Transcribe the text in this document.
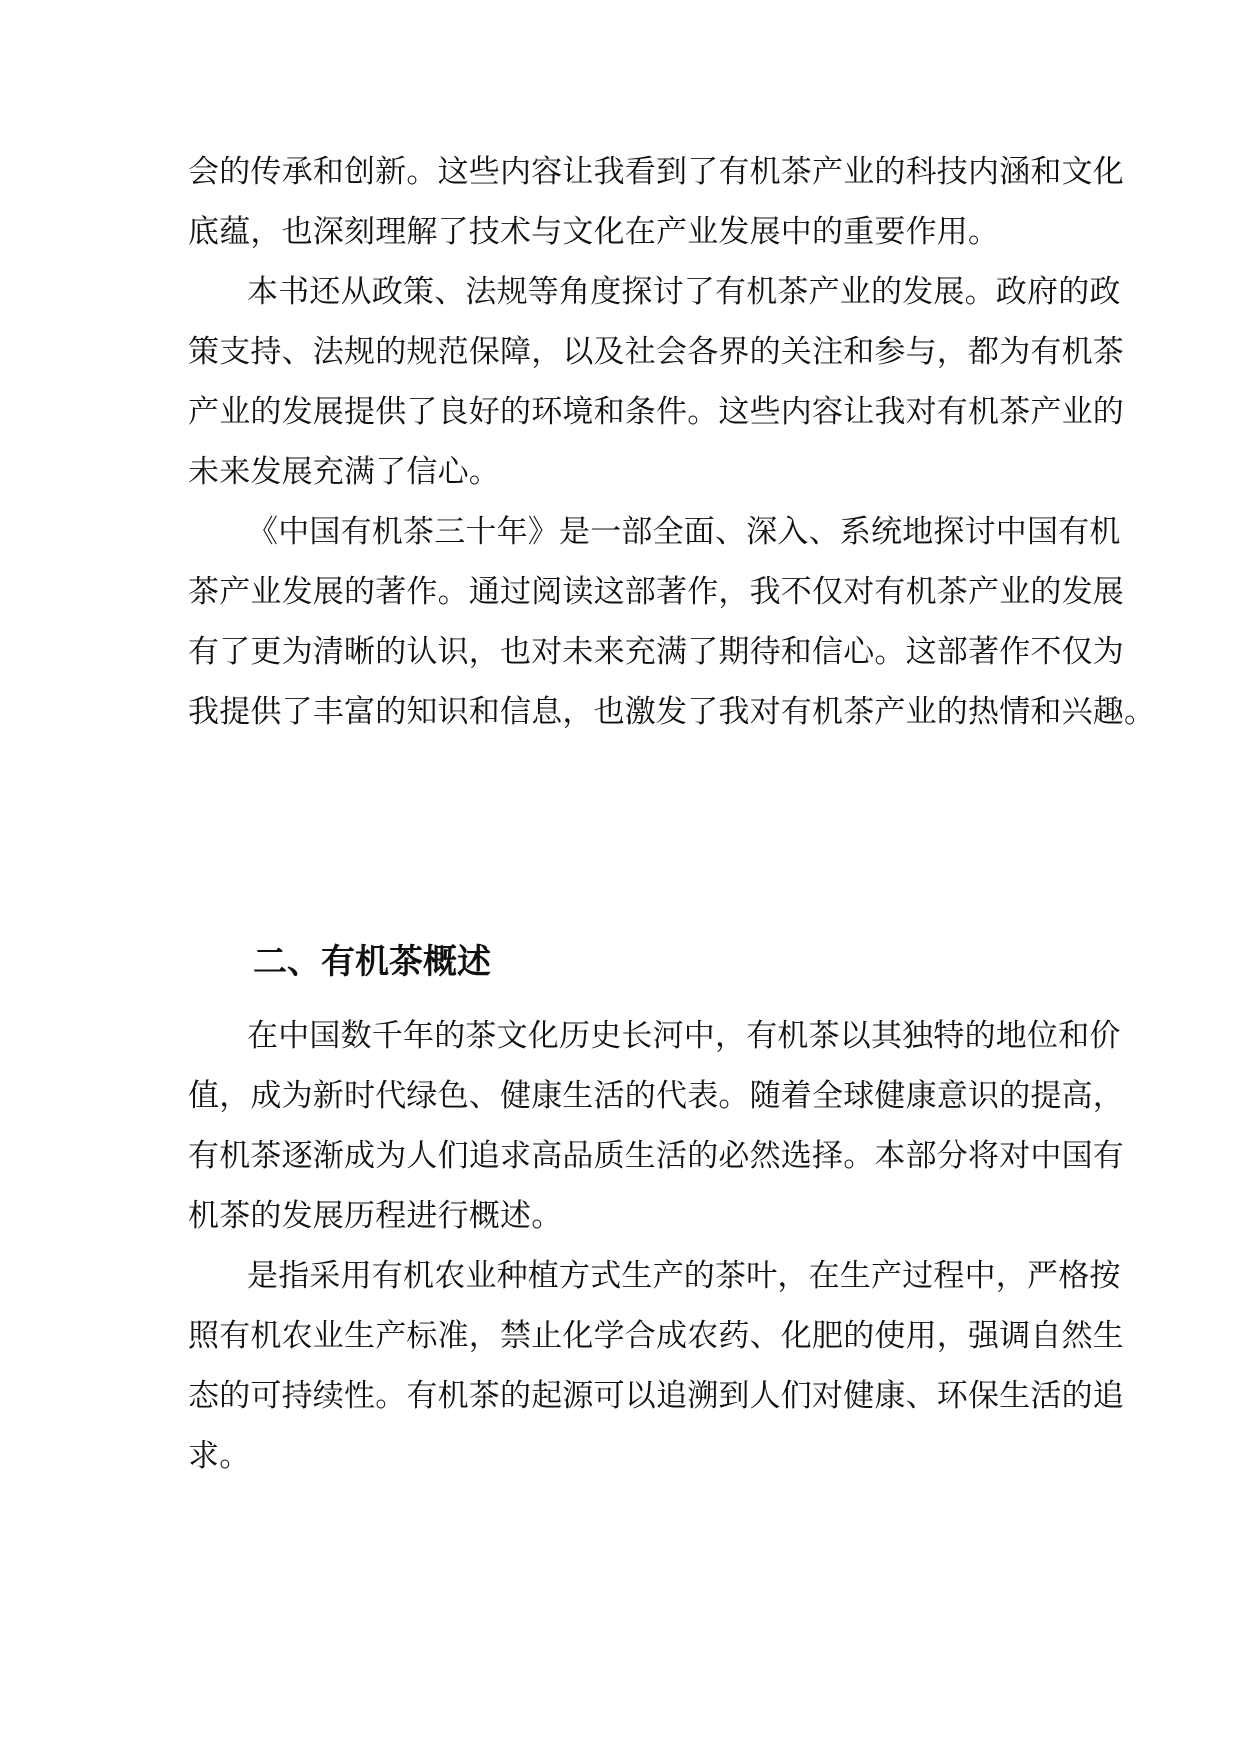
会的传承和创新。这些内容让我看到了有机茶产业的科技内涵和文化
底蕴，也深刻理解了技术与文化在产业发展中的重要作用。
本书还从政策、法规等角度探讨了有机茶产业的发展。政府的政
策支持、法规的规范保障，以及社会各界的关注和参与，都为有机茶
产业的发展提供了良好的环境和条件。这些内容让我对有机茶产业的
未来发展充满了信心。
《中国有机茶三十年》是一部全面、深入、系统地探讨中国有机
茶产业发展的著作。通过阅读这部著作，我不仅对有机茶产业的发展
有了更为清晰的认识，也对未来充满了期待和信心。这部著作不仅为
我提供了丰富的知识和信息，也激发了我对有机茶产业的热情和兴趣。
二、有机茶概述
在中国数千年的茶文化历史长河中，有机茶以其独特的地位和价
值，成为新时代绿色、健康生活的代表。随着全球健康意识的提高，
有机茶逐渐成为人们追求高品质生活的必然选择。本部分将对中国有
机茶的发展历程进行概述。
是指采用有机农业种植方式生产的茶叶，在生产过程中，严格按
照有机农业生产标准，禁止化学合成农药、化肥的使用，强调自然生
态的可持续性。有机茶的起源可以追溯到人们对健康、环保生活的追
求。
